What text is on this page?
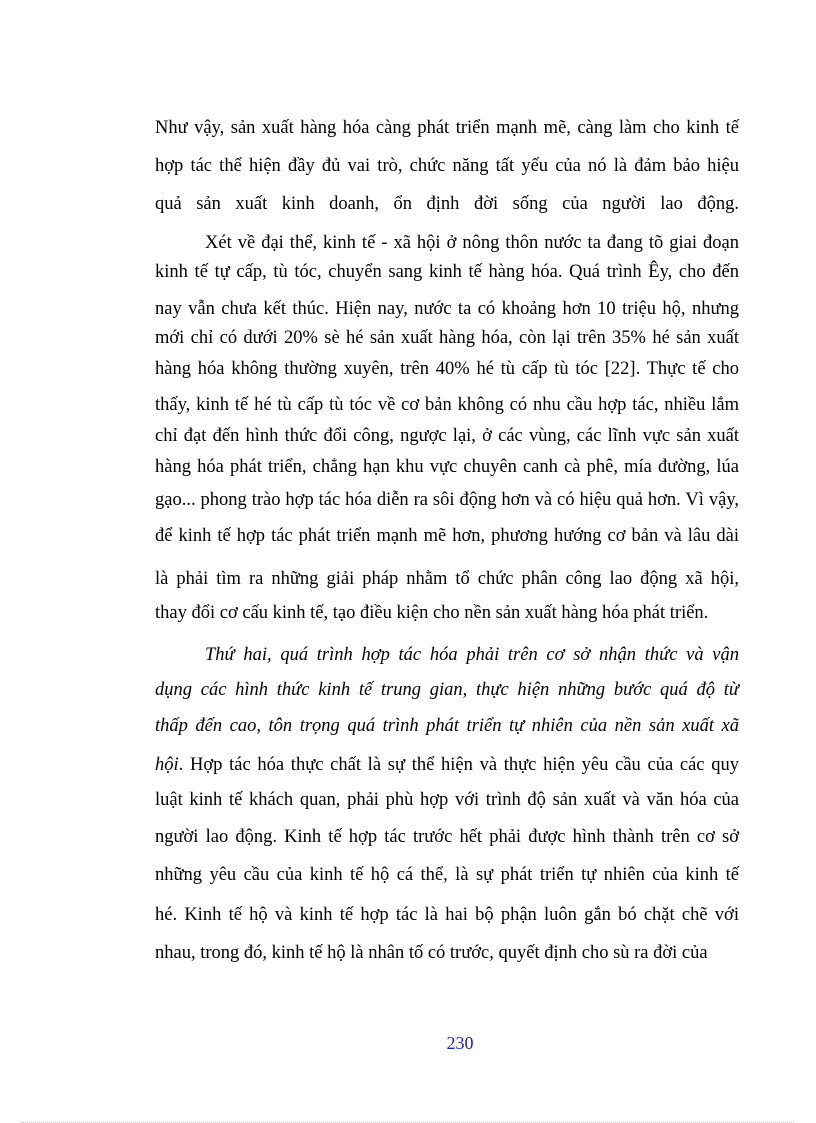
Như vậy, sản xuất hàng hóa càng phát triển mạnh mẽ, càng làm cho kinh tế
hợp tác thể hiện đầy đủ vai trò, chức năng tất yếu của nó là đảm bảo hiệu
quả sản xuất kinh doanh, ổn định đời sống của người lao động.
Xét về đại thể, kinh tế - xã hội ở nông thôn nước ta đang tõ giai đoạn
kinh tế tự cấp, tù tóc, chuyển sang kinh tế hàng hóa. Quá trình Êy, cho đến
nay vẫn chưa kết thúc. Hiện nay, nước ta có khoảng hơn 10 triệu hộ, nhưng
mới chỉ có dưới 20% sè hé sản xuất hàng hóa, còn lại trên 35% hé sản xuất
hàng hóa không thường xuyên, trên 40% hé tù cấp tù tóc [22]. Thực tế cho
thấy, kinh tế hé tù cấp tù tóc về cơ bản không có nhu cầu hợp tác, nhiều lắm
chỉ đạt đến hình thức đổi công, ngược lại, ở các vùng, các lĩnh vực sản xuất
hàng hóa phát triển, chẳng hạn khu vực chuyên canh cà phê, mía đường, lúa
gạo... phong trào hợp tác hóa diễn ra sôi động hơn và có hiệu quả hơn. Vì vậy,
để kinh tế hợp tác phát triển mạnh mẽ hơn, phương hướng cơ bản và lâu dài
là phải tìm ra những giải pháp nhằm tổ chức phân công lao động xã hội,
thay đổi cơ cấu kinh tế, tạo điều kiện cho nền sản xuất hàng hóa phát triển.
Thứ hai, quá trình hợp tác hóa phải trên cơ sở nhận thức và vận
dụng các hình thức kinh tế trung gian, thực hiện những bước quá độ từ
thấp đến cao, tôn trọng quá trình phát triển tự nhiên của nền sản xuất xã
hội. Hợp tác hóa thực chất là sự thể hiện và thực hiện yêu cầu của các quy
luật kinh tế khách quan, phải phù hợp với trình độ sản xuất và văn hóa của
người lao động. Kinh tế hợp tác trước hết phải được hình thành trên cơ sở
những yêu cầu của kinh tế hộ cá thể, là sự phát triển tự nhiên của kinh tế
hé. Kinh tế hộ và kinh tế hợp tác là hai bộ phận luôn gắn bó chặt chẽ với
nhau, trong đó, kinh tế hộ là nhân tố có trước, quyết định cho sù ra đời của
230
